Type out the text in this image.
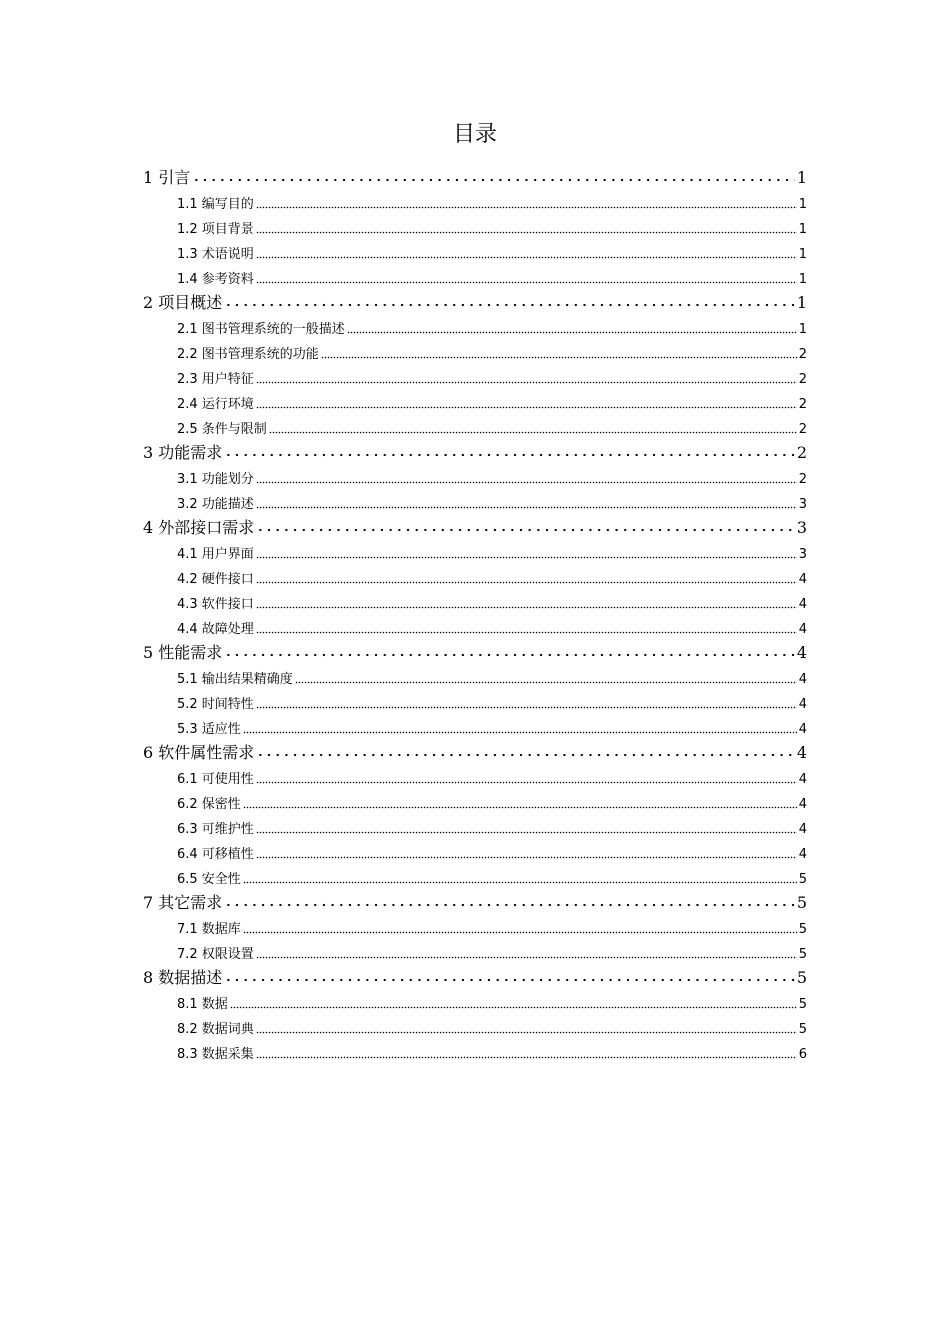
目录
1 引言	1
1.1 编写目的	1
1.2 项目背景	1
1.3 术语说明	1
1.4 参考资料	1
2 项目概述	1
2.1 图书管理系统的一般描述	1
2.2 图书管理系统的功能	2
2.3 用户特征	2
2.4 运行环境	2
2.5 条件与限制	2
3 功能需求	2
3.1 功能划分	2
3.2 功能描述	3
4 外部接口需求	3
4.1 用户界面	3
4.2 硬件接口	4
4.3 软件接口	4
4.4 故障处理	4
5 性能需求	4
5.1 输出结果精确度	4
5.2 时间特性	4
5.3 适应性	4
6 软件属性需求	4
6.1 可使用性	4
6.2 保密性	4
6.3 可维护性	4
6.4 可移植性	4
6.5 安全性	5
7 其它需求	5
7.1 数据库	5
7.2 权限设置	5
8 数据描述	5
8.1 数据	5
8.2 数据词典	5
8.3 数据采集	6
